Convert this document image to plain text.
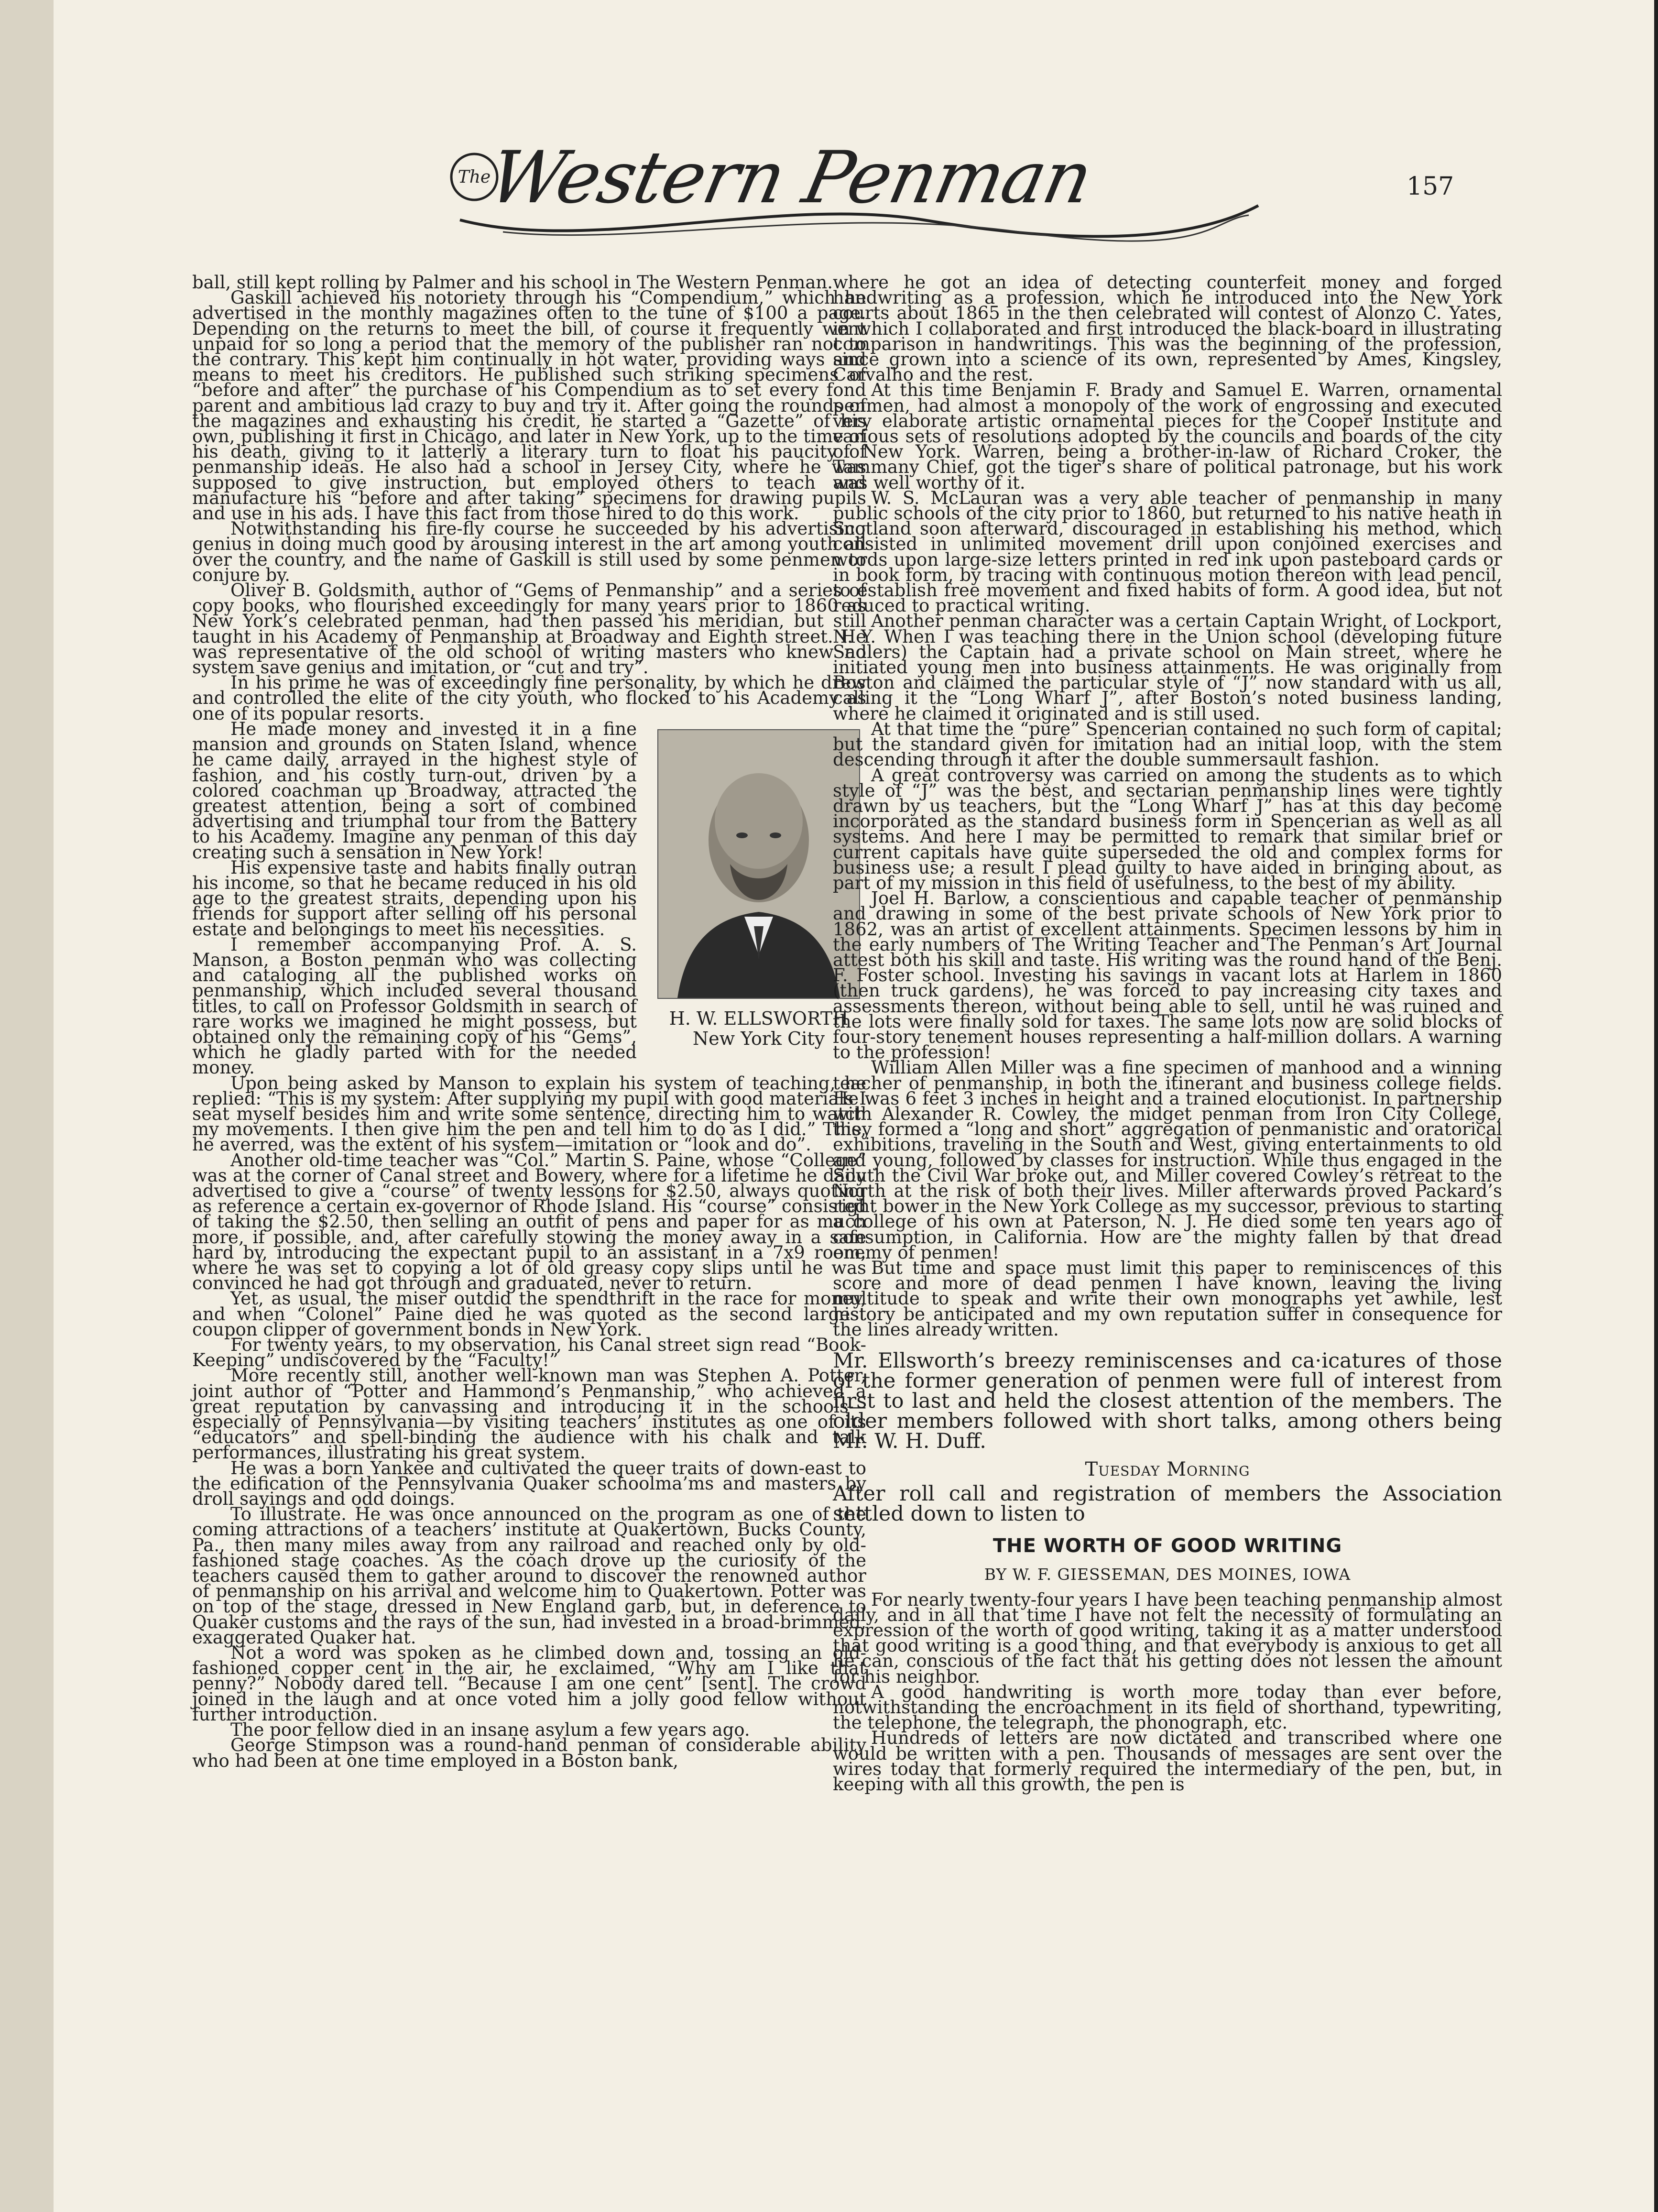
The
Western Penman	157

ball, still kept rolling by Palmer and his school in The Western Penman.

Gaskill achieved his notoriety through his “Compendium,” which he advertised in the monthly magazines often to the tune of $100 a page. Depending on the returns to meet the bill, of course it frequently went unpaid for so long a period that the memory of the publisher ran not to the contrary. This kept him continually in hot water, providing ways and means to meet his creditors. He published such striking specimens of “before and after” the purchase of his Compendium as to set every fond parent and ambitious lad crazy to buy and try it. After going the rounds of the magazines and exhausting his credit, he started a “Gazette” of his own, publishing it first in Chicago, and later in New York, up to the time of his death, giving to it latterly a literary turn to float his paucity of penmanship ideas. He also had a school in Jersey City, where he was supposed to give instruction, but employed others to teach and manufacture his “before and after taking” specimens for drawing pupils and use in his ads. I have this fact from those hired to do this work.

Notwithstanding his fire-fly course he succeeded by his advertising genius in doing much good by arousing interest in the art among youth all over the country, and the name of Gaskill is still used by some penmen to conjure by.

Oliver B. Goldsmith, author of “Gems of Penmanship” and a series of copy books, who flourished exceedingly for many years prior to 1860 as New York’s celebrated penman, had then passed his meridian, but still taught in his Academy of Penmanship at Broadway and Eighth street. He was representative of the old school of writing masters who knew no system save genius and imitation, or “cut and try”.

In his prime he was of exceedingly fine personality, by which he drew and controlled the elite of the city youth, who flocked to his Academy as one of its popular resorts.

H. W. ELLSWORTH
New York City

He made money and invested it in a fine mansion and grounds on Staten Island, whence he came daily, arrayed in the highest style of fashion, and his costly turn-out, driven by a colored coachman up Broadway, attracted the greatest attention, being a sort of combined advertising and triumphal tour from the Battery to his Academy. Imagine any penman of this day creating such a sensation in New York!

His expensive taste and habits finally outran his income, so that he became reduced in his old age to the greatest straits, depending upon his friends for support after selling off his personal estate and belongings to meet his necessities.

I remember accompanying Prof. A. S. Manson, a Boston penman who was collecting and cataloging all the published works on penmanship, which included several thousand titles, to call on Professor Goldsmith in search of rare works we imagined he might possess, but obtained only the remaining copy of his “Gems”, which he gladly parted with for the needed money.

Upon being asked by Manson to explain his system of teaching, he replied: “This is my system: After supplying my pupil with good materials I seat myself besides him and write some sentence, directing him to watch my movements. I then give him the pen and tell him to do as I did.” This, he averred, was the extent of his system—imitation or “look and do”.

Another old-time teacher was “Col.” Martin S. Paine, whose “College” was at the corner of Canal street and Bowery, where for a lifetime he daily advertised to give a “course” of twenty lessons for $2.50, always quoting as reference a certain ex-governor of Rhode Island. His “course” consisted of taking the $2.50, then selling an outfit of pens and paper for as much more, if possible, and, after carefully stowing the money away in a safe hard by, introducing the expectant pupil to an assistant in a 7x9 room, where he was set to copying a lot of old greasy copy slips until he was convinced he had got through and graduated, never to return.

Yet, as usual, the miser outdid the spendthrift in the race for money, and when “Colonel” Paine died he was quoted as the second largest coupon clipper of government bonds in New York.

For twenty years, to my observation, his Canal street sign read “Book-Keeping” undiscovered by the “Faculty!”

More recently still, another well-known man was Stephen A. Potter, joint author of “Potter and Hammond’s Penmanship,” who achieved a great reputation by canvassing and introducing it in the schools—especially of Pennsylvania—by visiting teachers’ institutes as one of its “educators” and spell-binding the audience with his chalk and talk performances, illustrating his great system.

He was a born Yankee and cultivated the queer traits of down-east to the edification of the Pennsylvania Quaker schoolma’ms and masters by droll sayings and odd doings.

To illustrate. He was once announced on the program as one of the coming attractions of a teachers’ institute at Quakertown, Bucks County, Pa., then many miles away from any railroad and reached only by old-fashioned stage coaches. As the coach drove up the curiosity of the teachers caused them to gather around to discover the renowned author of penmanship on his arrival and welcome him to Quakertown. Potter was on top of the stage, dressed in New England garb, but, in deference to Quaker customs and the rays of the sun, had invested in a broad-brimmed, exaggerated Quaker hat.

Not a word was spoken as he climbed down and, tossing an old-fashioned copper cent in the air, he exclaimed, “Why am I like that penny?” Nobody dared tell. “Because I am one cent” [sent]. The crowd joined in the laugh and at once voted him a jolly good fellow without further introduction.

The poor fellow died in an insane asylum a few years ago.

George Stimpson was a round-hand penman of considerable ability who had been at one time employed in a Boston bank,

where he got an idea of detecting counterfeit money and forged handwriting as a profession, which he introduced into the New York courts about 1865 in the then celebrated will contest of Alonzo C. Yates, in which I collaborated and first introduced the black-board in illustrating comparison in handwritings. This was the beginning of the profession, since grown into a science of its own, represented by Ames, Kingsley, Carvalho and the rest.

At this time Benjamin F. Brady and Samuel E. Warren, ornamental penmen, had almost a monopoly of the work of engrossing and executed very elaborate artistic ornamental pieces for the Cooper Institute and various sets of resolutions adopted by the councils and boards of the city of New York. Warren, being a brother-in-law of Richard Croker, the Tammany Chief, got the tiger’s share of political patronage, but his work was well worthy of it.

W. S. McLauran was a very able teacher of penmanship in many public schools of the city prior to 1860, but returned to his native heath in Scotland soon afterward, discouraged in establishing his method, which consisted in unlimited movement drill upon conjoined exercises and words upon large-size letters printed in red ink upon pasteboard cards or in book form, by tracing with continuous motion thereon with lead pencil, to establish free movement and fixed habits of form. A good idea, but not reduced to practical writing.

Another penman character was a certain Captain Wright, of Lockport, N. Y. When I was teaching there in the Union school (developing future Sadlers) the Captain had a private school on Main street, where he initiated young men into business attainments. He was originally from Boston and claimed the particular style of “J” now standard with us all, calling it the “Long Wharf J”, after Boston’s noted business landing, where he claimed it originated and is still used.

At that time the “pure” Spencerian contained no such form of capital; but the standard given for imitation had an initial loop, with the stem descending through it after the double summersault fashion.

A great controversy was carried on among the students as to which style of “J” was the best, and sectarian penmanship lines were tightly drawn by us teachers, but the “Long Wharf J” has at this day become incorporated as the standard business form in Spencerian as well as all systems. And here I may be permitted to remark that similar brief or current capitals have quite superseded the old and complex forms for business use; a result I plead guilty to have aided in bringing about, as part of my mission in this field of usefulness, to the best of my ability.

Joel H. Barlow, a conscientious and capable teacher of penmanship and drawing in some of the best private schools of New York prior to 1862, was an artist of excellent attainments. Specimen lessons by him in the early numbers of The Writing Teacher and The Penman’s Art Journal attest both his skill and taste. His writing was the round hand of the Benj. F. Foster school. Investing his savings in vacant lots at Harlem in 1860 (then truck gardens), he was forced to pay increasing city taxes and assessments thereon, without being able to sell, until he was ruined and the lots were finally sold for taxes. The same lots now are solid blocks of four-story tenement houses representing a half-million dollars. A warning to the profession!

William Allen Miller was a fine specimen of manhood and a winning teacher of penmanship, in both the itinerant and business college fields. He was 6 feet 3 inches in height and a trained elocutionist. In partnership with Alexander R. Cowley, the midget penman from Iron City College, they formed a “long and short” aggregation of penmanistic and oratorical exhibitions, traveling in the South and West, giving entertainments to old and young, followed by classes for instruction. While thus engaged in the South the Civil War broke out, and Miller covered Cowley’s retreat to the North at the risk of both their lives. Miller afterwards proved Packard’s right bower in the New York College as my successor, previous to starting a college of his own at Paterson, N. J. He died some ten years ago of consumption, in California. How are the mighty fallen by that dread enemy of penmen!

But time and space must limit this paper to reminiscences of this score and more of dead penmen I have known, leaving the living multitude to speak and write their own monographs yet awhile, lest history be anticipated and my own reputation suffer in consequence for the lines already written.

Mr. Ellsworth’s breezy reminiscenses and ca·icatures of those of the former generation of penmen were full of interest from first to last and held the closest attention of the members. The older members followed with short talks, among others being Mr. W. H. Duff.

Tuesday Morning

After roll call and registration of members the Association settled down to listen to

THE WORTH OF GOOD WRITING
BY W. F. GIESSEMAN, DES MOINES, IOWA

For nearly twenty-four years I have been teaching penmanship almost daily, and in all that time I have not felt the necessity of formulating an expression of the worth of good writing, taking it as a matter understood that good writing is a good thing, and that everybody is anxious to get all he can, conscious of the fact that his getting does not lessen the amount for his neighbor.

A good handwriting is worth more today than ever before, notwithstanding the encroachment in its field of shorthand, typewriting, the telephone, the telegraph, the phonograph, etc.

Hundreds of letters are now dictated and transcribed where one would be written with a pen. Thousands of messages are sent over the wires today that formerly required the intermediary of the pen, but, in keeping with all this growth, the pen is
